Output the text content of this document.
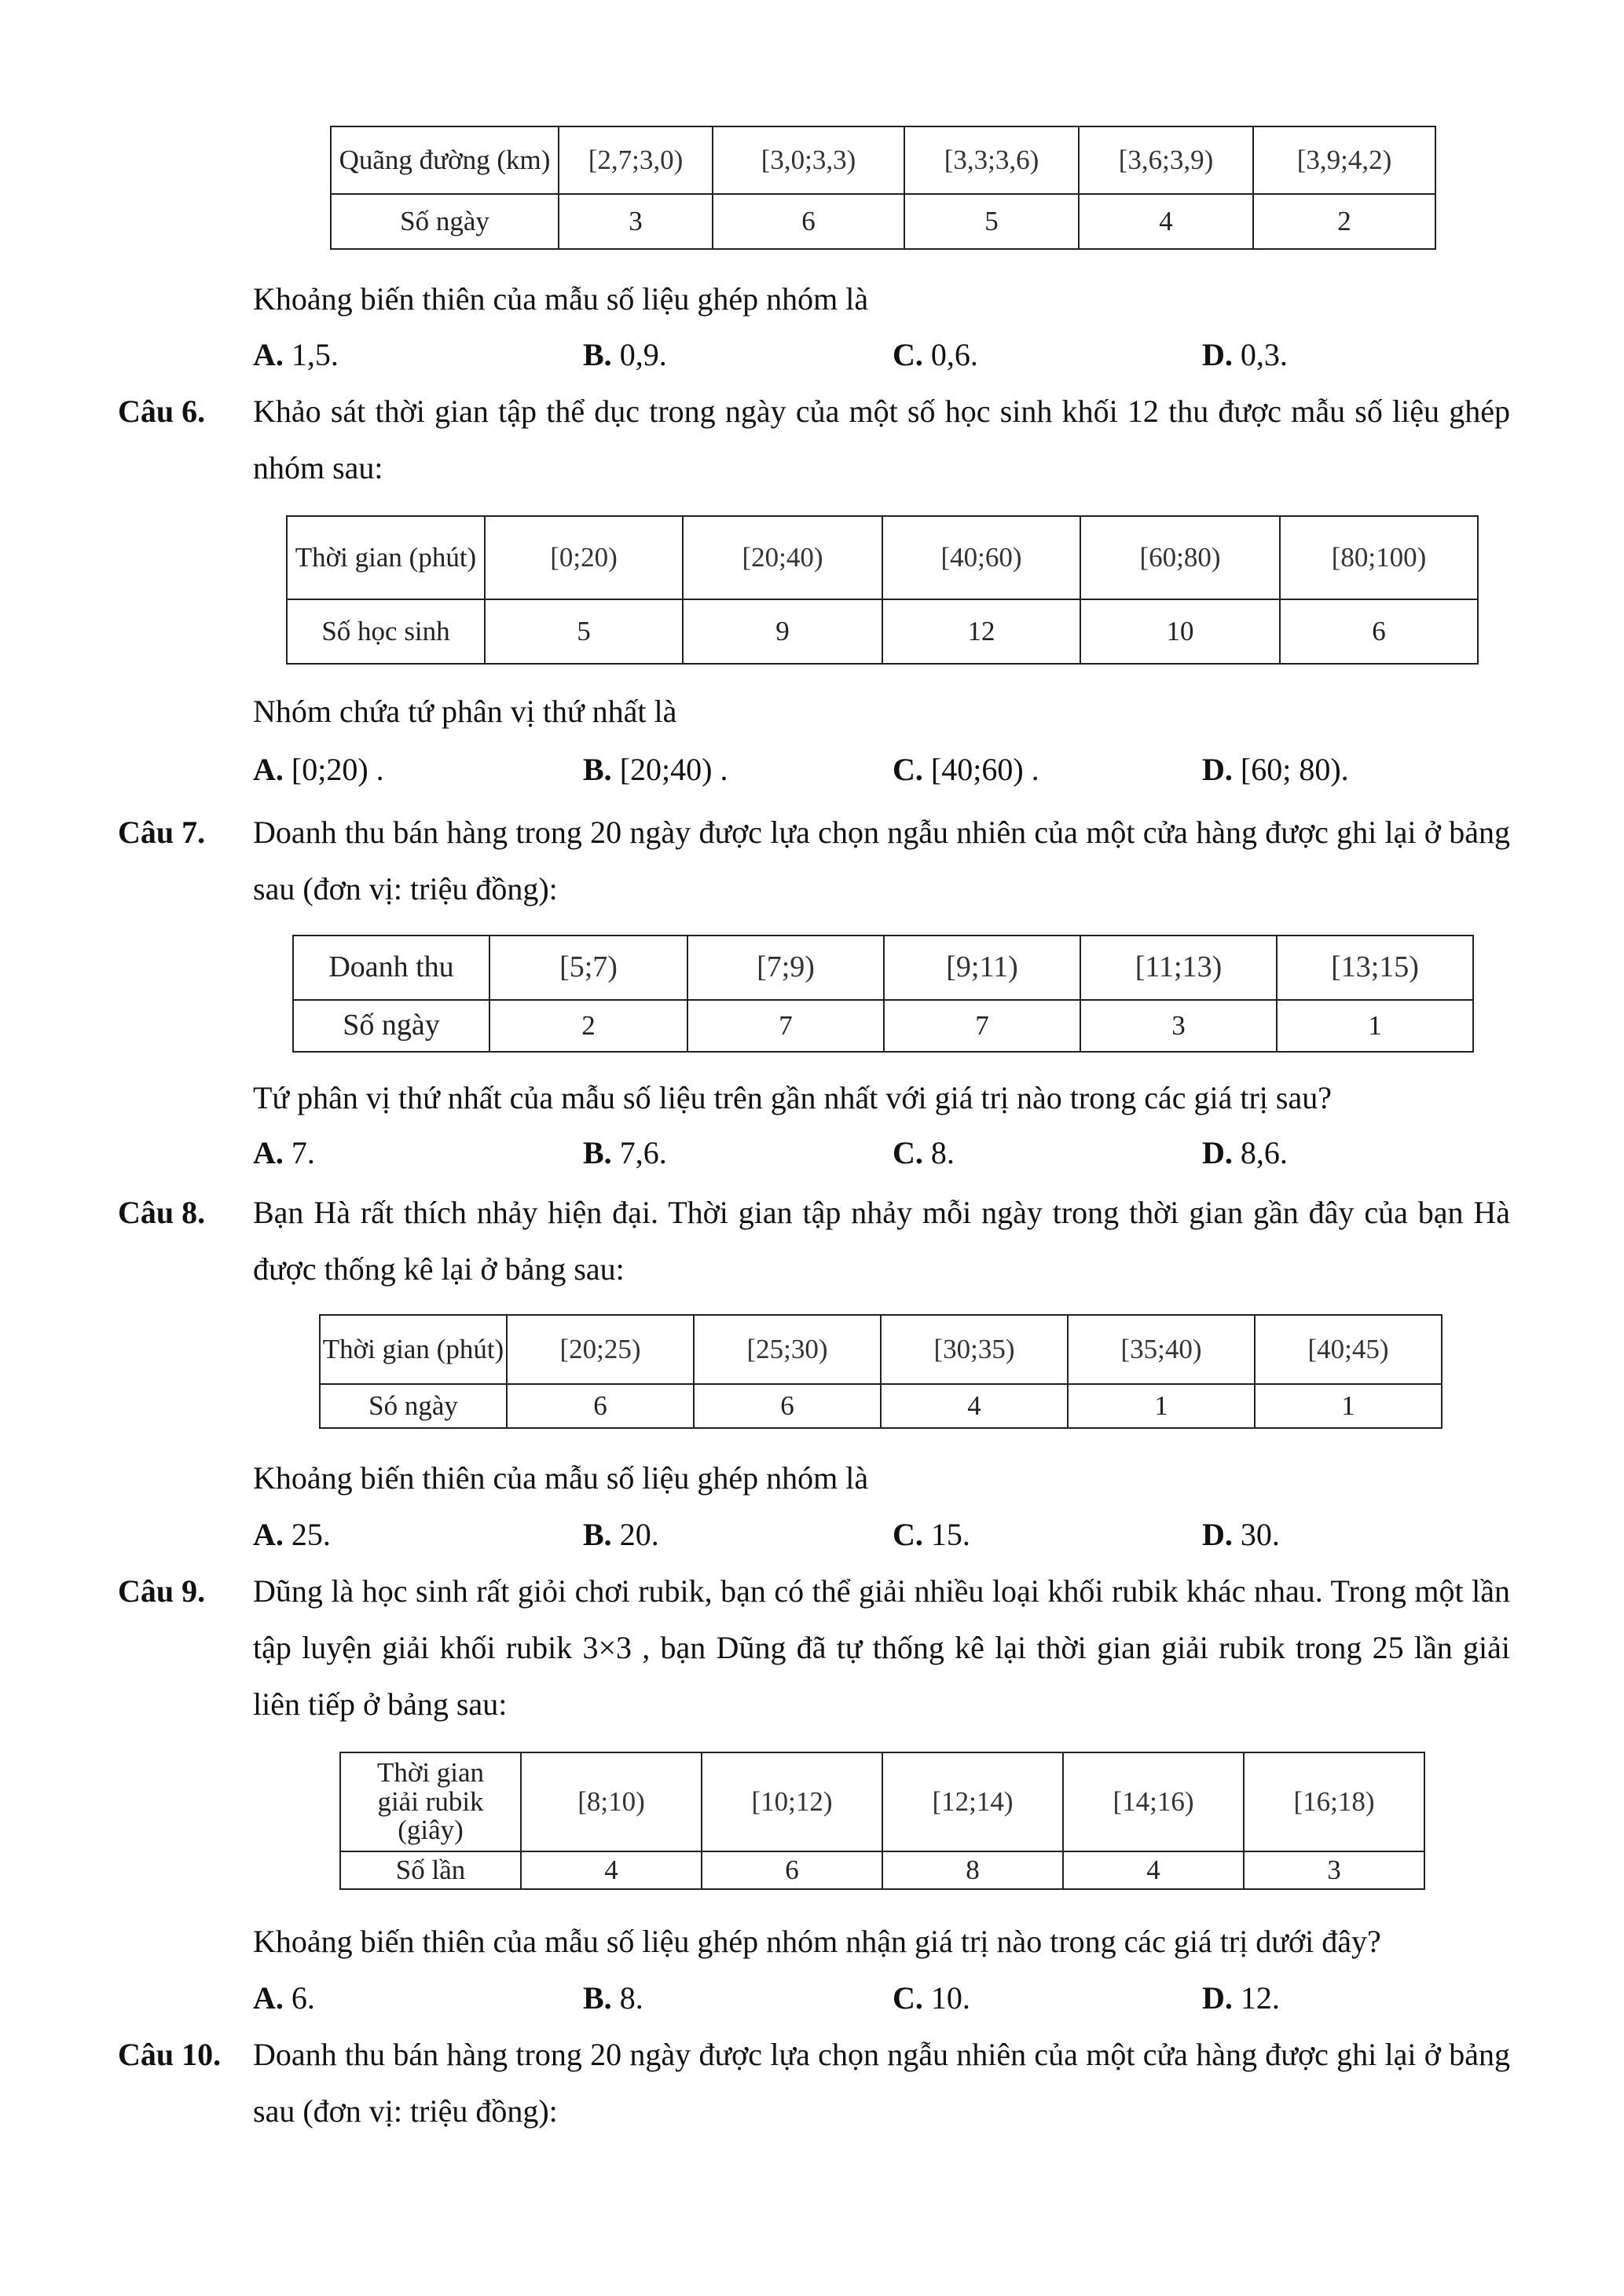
Quãng đường (km)	[2,7;3,0)	[3,0;3,3)	[3,3;3,6)	[3,6;3,9)	[3,9;4,2)
Số ngày	3	6	5	4	2
Khoảng biến thiên của mẫu số liệu ghép nhóm là
A. 1,5.	B. 0,9.	C. 0,6.	D. 0,3.
Câu 6. Khảo sát thời gian tập thể dục trong ngày của một số học sinh khối 12 thu được mẫu số liệu ghép nhóm sau:
Thời gian (phút)	[0;20)	[20;40)	[40;60)	[60;80)	[80;100)
Số học sinh	5	9	12	10	6
Nhóm chứa tứ phân vị thứ nhất là
A. [0;20) .	B. [20;40) .	C. [40;60) .	D. [60; 80).
Câu 7. Doanh thu bán hàng trong 20 ngày được lựa chọn ngẫu nhiên của một cửa hàng được ghi lại ở bảng sau (đơn vị: triệu đồng):
Doanh thu	[5;7)	[7;9)	[9;11)	[11;13)	[13;15)
Số ngày	2	7	7	3	1
Tứ phân vị thứ nhất của mẫu số liệu trên gần nhất với giá trị nào trong các giá trị sau?
A. 7.	B. 7,6.	C. 8.	D. 8,6.
Câu 8. Bạn Hà rất thích nhảy hiện đại. Thời gian tập nhảy mỗi ngày trong thời gian gần đây của bạn Hà được thống kê lại ở bảng sau:
Thời gian (phút)	[20;25)	[25;30)	[30;35)	[35;40)	[40;45)
Só ngày	6	6	4	1	1
Khoảng biến thiên của mẫu số liệu ghép nhóm là
A. 25.	B. 20.	C. 15.	D. 30.
Câu 9. Dũng là học sinh rất giỏi chơi rubik, bạn có thể giải nhiều loại khối rubik khác nhau. Trong một lần tập luyện giải khối rubik 3×3 , bạn Dũng đã tự thống kê lại thời gian giải rubik trong 25 lần giải liên tiếp ở bảng sau:
Thời gian giải rubik (giây)	[8;10)	[10;12)	[12;14)	[14;16)	[16;18)
Số lần	4	6	8	4	3
Khoảng biến thiên của mẫu số liệu ghép nhóm nhận giá trị nào trong các giá trị dưới đây?
A. 6.	B. 8.	C. 10.	D. 12.
Câu 10. Doanh thu bán hàng trong 20 ngày được lựa chọn ngẫu nhiên của một cửa hàng được ghi lại ở bảng sau (đơn vị: triệu đồng):
